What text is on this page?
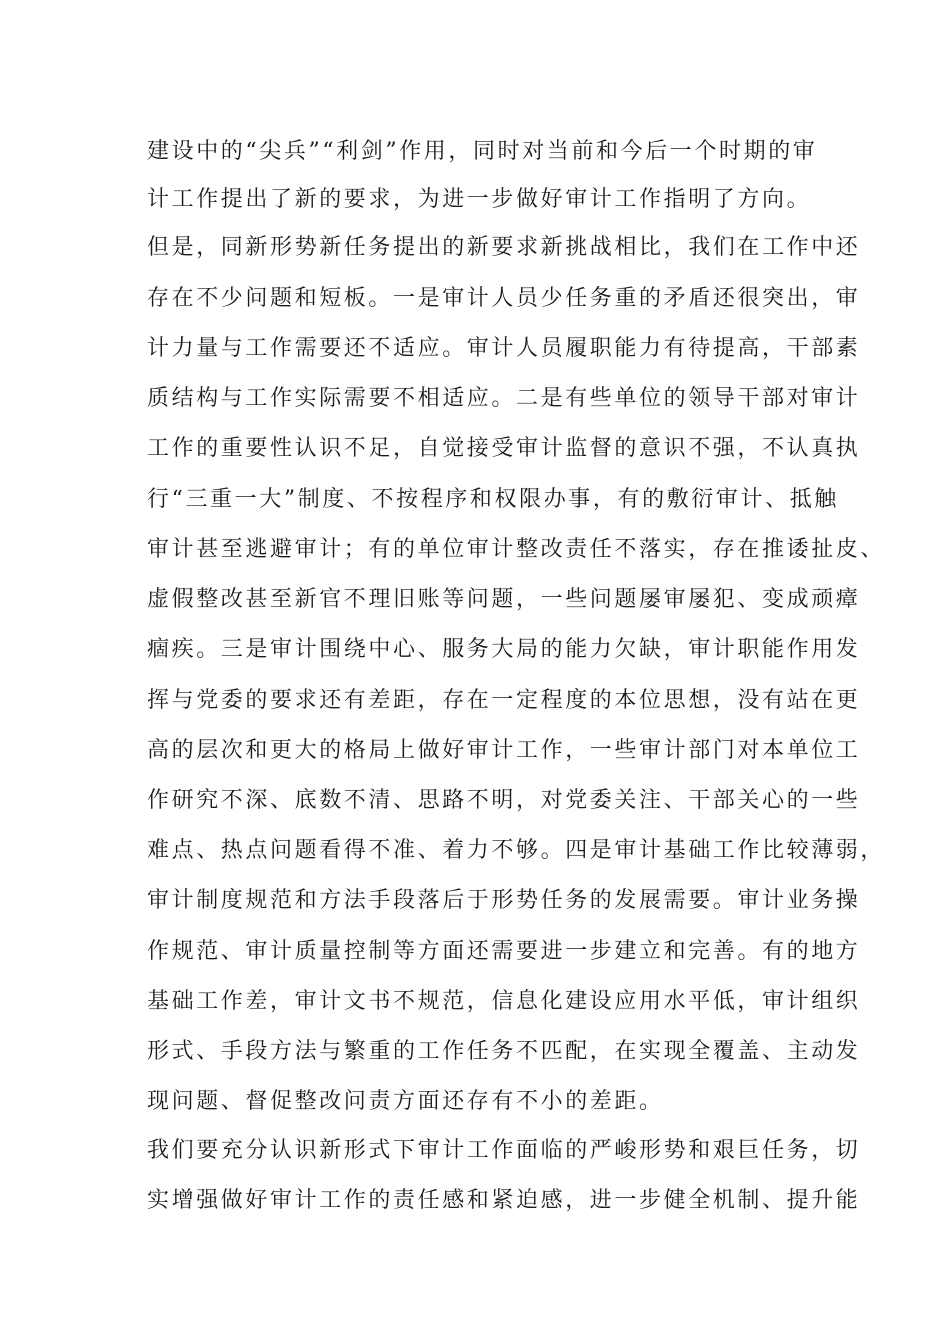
建设中的“尖兵”“利剑”作用，同时对当前和今后一个时期的审
计工作提出了新的要求，为进一步做好审计工作指明了方向。
但是，同新形势新任务提出的新要求新挑战相比，我们在工作中还
存在不少问题和短板。一是审计人员少任务重的矛盾还很突出，审
计力量与工作需要还不适应。审计人员履职能力有待提高，干部素
质结构与工作实际需要不相适应。二是有些单位的领导干部对审计
工作的重要性认识不足，自觉接受审计监督的意识不强，不认真执
行“三重一大”制度、不按程序和权限办事，有的敷衍审计、抵触
审计甚至逃避审计；有的单位审计整改责任不落实，存在推诿扯皮、
虚假整改甚至新官不理旧账等问题，一些问题屡审屡犯、变成顽瘴
痼疾。三是审计围绕中心、服务大局的能力欠缺，审计职能作用发
挥与党委的要求还有差距，存在一定程度的本位思想，没有站在更
高的层次和更大的格局上做好审计工作，一些审计部门对本单位工
作研究不深、底数不清、思路不明，对党委关注、干部关心的一些
难点、热点问题看得不准、着力不够。四是审计基础工作比较薄弱，
审计制度规范和方法手段落后于形势任务的发展需要。审计业务操
作规范、审计质量控制等方面还需要进一步建立和完善。有的地方
基础工作差，审计文书不规范，信息化建设应用水平低，审计组织
形式、手段方法与繁重的工作任务不匹配，在实现全覆盖、主动发
现问题、督促整改问责方面还存有不小的差距。
我们要充分认识新形式下审计工作面临的严峻形势和艰巨任务，切
实增强做好审计工作的责任感和紧迫感，进一步健全机制、提升能
